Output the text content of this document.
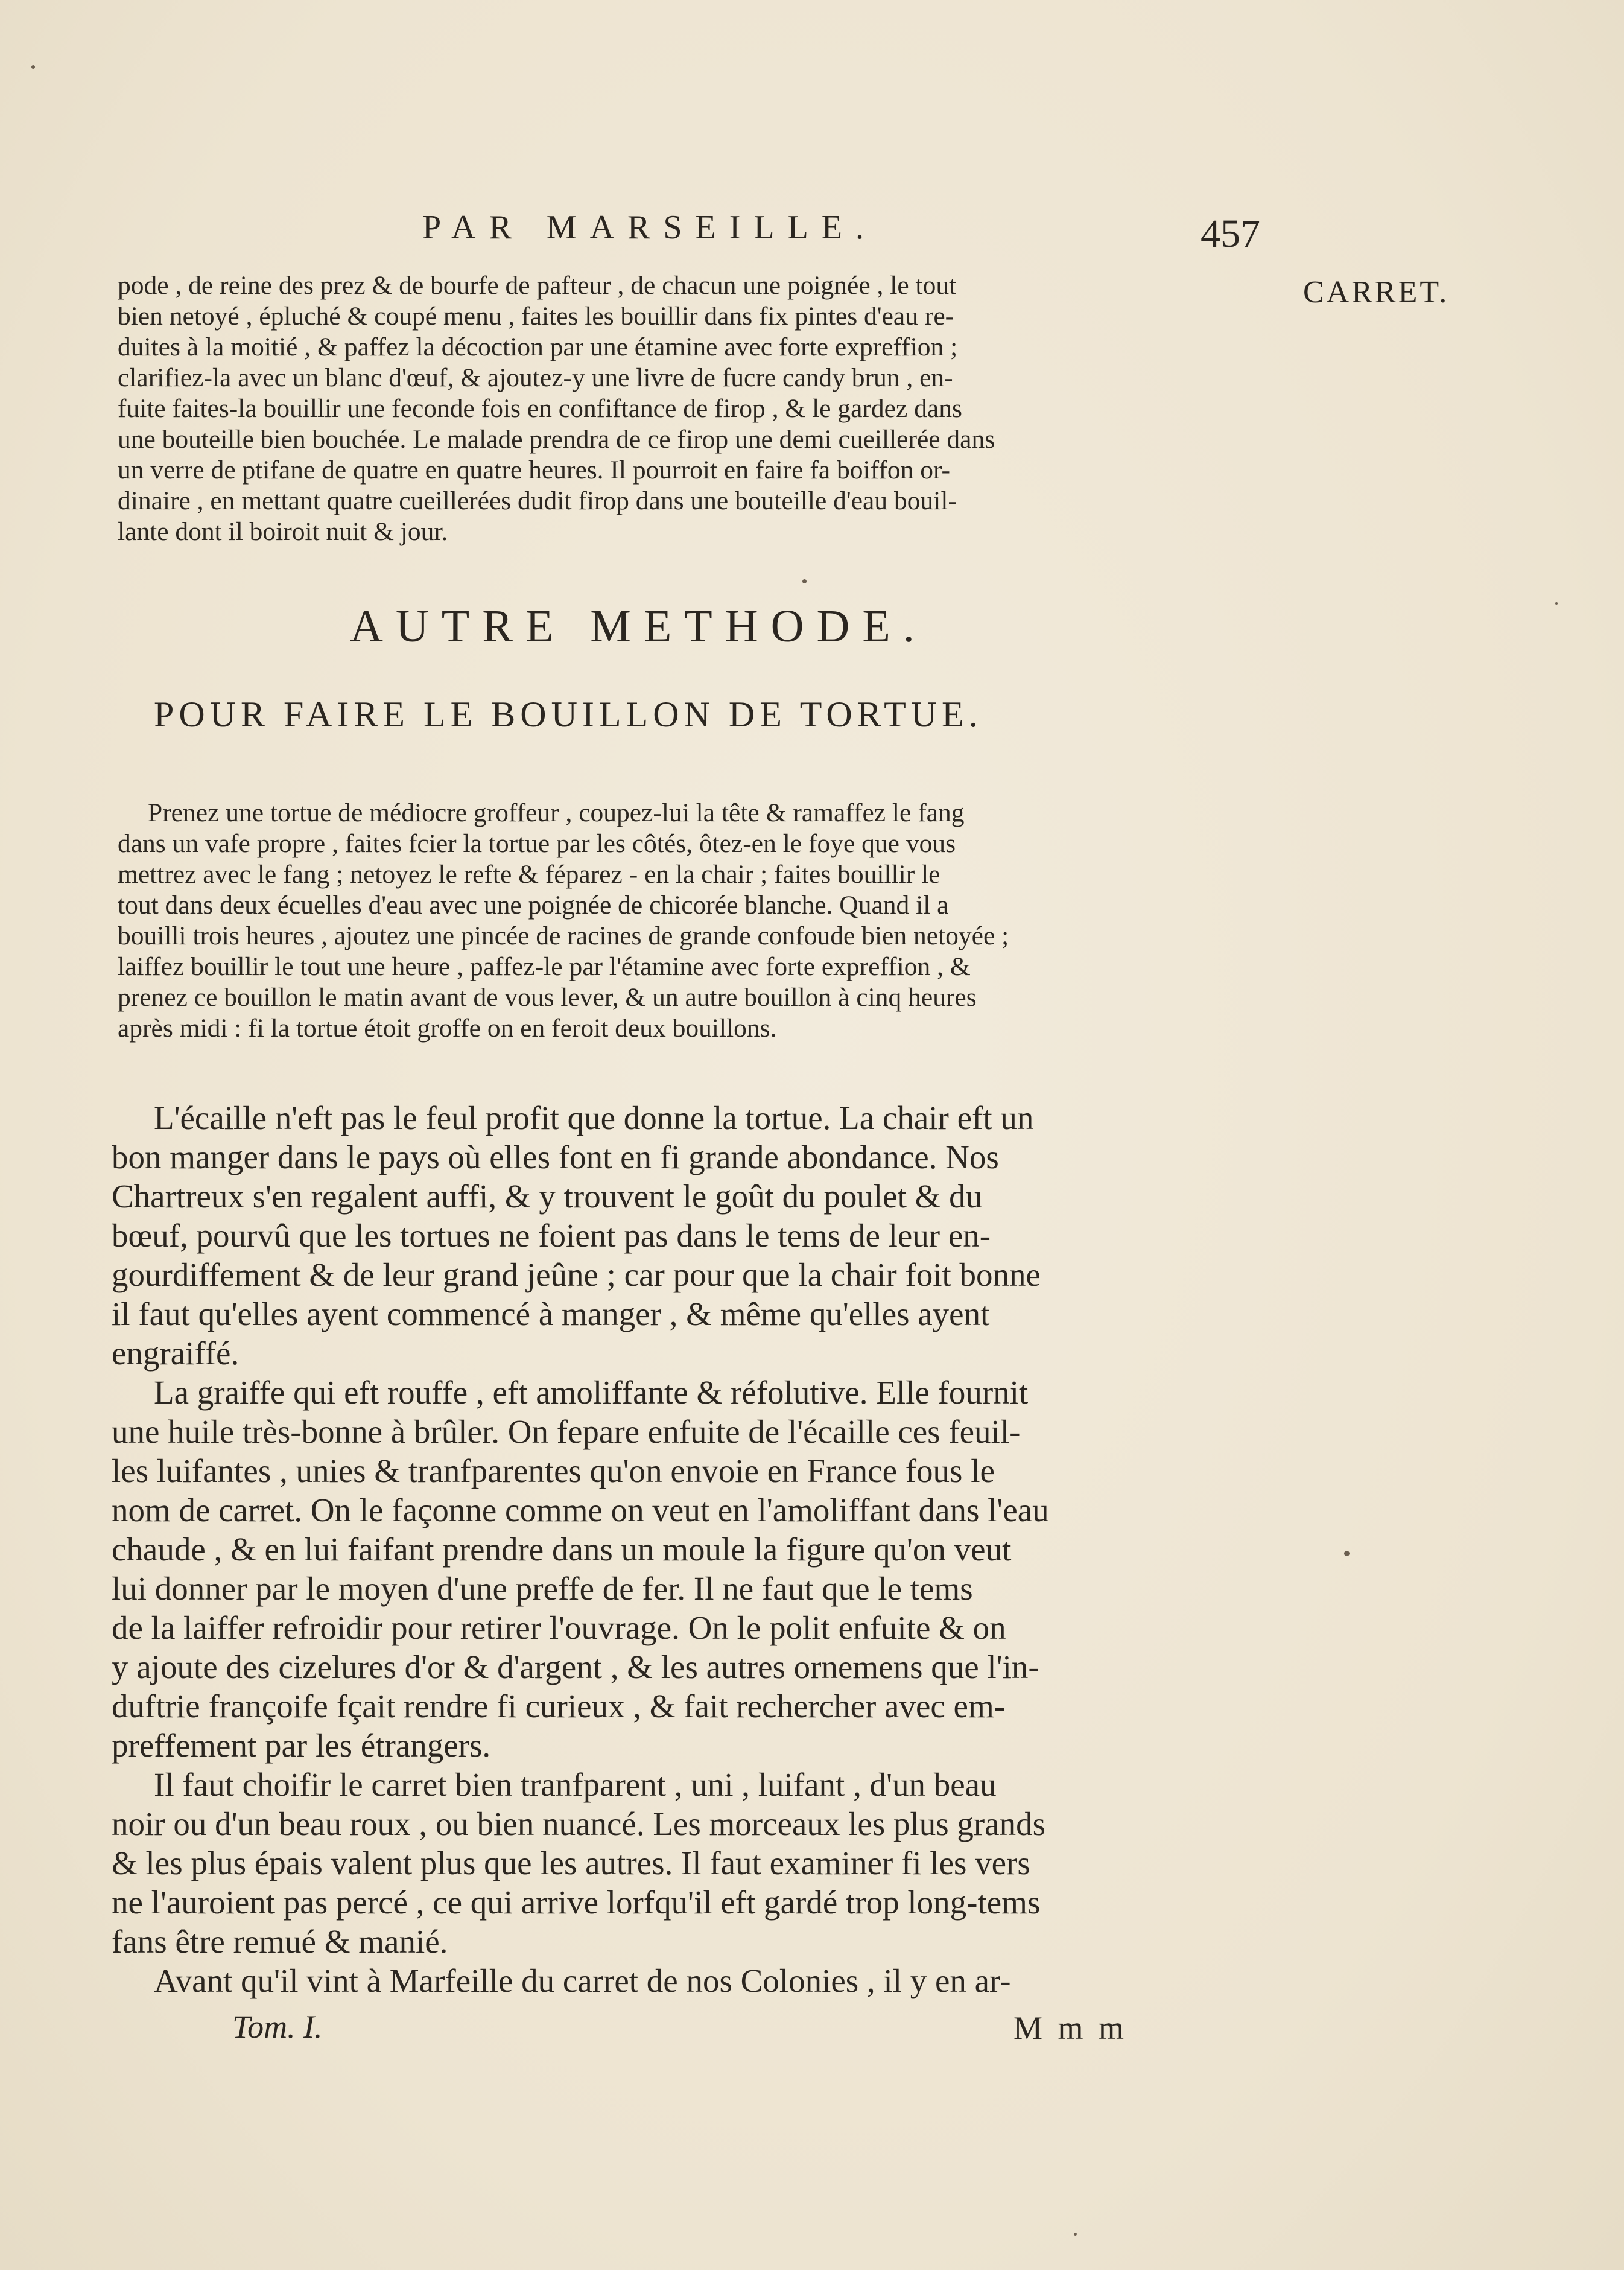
PAR MARSEILLE.	457
CARRET.
pode , de reine des prez & de bourfe de pafteur , de chacun une poignée , le tout
bien netoyé , épluché & coupé menu , faites les bouillir dans fix pintes d'eau re-
duites à la moitié , & paffez la décoction par une étamine avec forte expreffion ;
clarifiez-la avec un blanc d'œuf, & ajoutez-y une livre de fucre candy brun , en-
fuite faites-la bouillir une feconde fois en confiftance de firop , & le gardez dans
une bouteille bien bouchée. Le malade prendra de ce firop une demi cueillerée dans
un verre de ptifane de quatre en quatre heures. Il pourroit en faire fa boiffon or-
dinaire , en mettant quatre cueillerées dudit firop dans une bouteille d'eau bouil-
lante dont il boiroit nuit & jour.
AUTRE METHODE.
POUR FAIRE LE BOUILLON DE TORTUE.
Prenez une tortue de médiocre groffeur , coupez-lui la tête & ramaffez le fang
dans un vafe propre , faites fcier la tortue par les côtés, ôtez-en le foye que vous
mettrez avec le fang ; netoyez le refte & féparez - en la chair ; faites bouillir le
tout dans deux écuelles d'eau avec une poignée de chicorée blanche. Quand il a
bouilli trois heures , ajoutez une pincée de racines de grande confoude bien netoyée ;
laiffez bouillir le tout une heure , paffez-le par l'étamine avec forte expreffion , &
prenez ce bouillon le matin avant de vous lever, & un autre bouillon à cinq heures
après midi : fi la tortue étoit groffe on en feroit deux bouillons.
L'écaille n'eft pas le feul profit que donne la tortue. La chair eft un
bon manger dans le pays où elles font en fi grande abondance. Nos
Chartreux s'en regalent auffi, & y trouvent le goût du poulet & du
bœuf, pourvû que les tortues ne foient pas dans le tems de leur en-
gourdiffement & de leur grand jeûne ; car pour que la chair foit bonne
il faut qu'elles ayent commencé à manger , & même qu'elles ayent
engraiffé.
La graiffe qui eft rouffe , eft amoliffante & réfolutive. Elle fournit
une huile très-bonne à brûler. On fepare enfuite de l'écaille ces feuil-
les luifantes , unies & tranfparentes qu'on envoie en France fous le
nom de carret. On le façonne comme on veut en l'amoliffant dans l'eau
chaude , & en lui faifant prendre dans un moule la figure qu'on veut
lui donner par le moyen d'une preffe de fer. Il ne faut que le tems
de la laiffer refroidir pour retirer l'ouvrage. On le polit enfuite & on
y ajoute des cizelures d'or & d'argent , & les autres ornemens que l'in-
duftrie françoife fçait rendre fi curieux , & fait rechercher avec em-
preffement par les étrangers.
Il faut choifir le carret bien tranfparent , uni , luifant , d'un beau
noir ou d'un beau roux , ou bien nuancé. Les morceaux les plus grands
& les plus épais valent plus que les autres. Il faut examiner fi les vers
ne l'auroient pas percé , ce qui arrive lorfqu'il eft gardé trop long-tems
fans être remué & manié.
Avant qu'il vint à Marfeille du carret de nos Colonies , il y en ar-
Tom. I.	M m m
